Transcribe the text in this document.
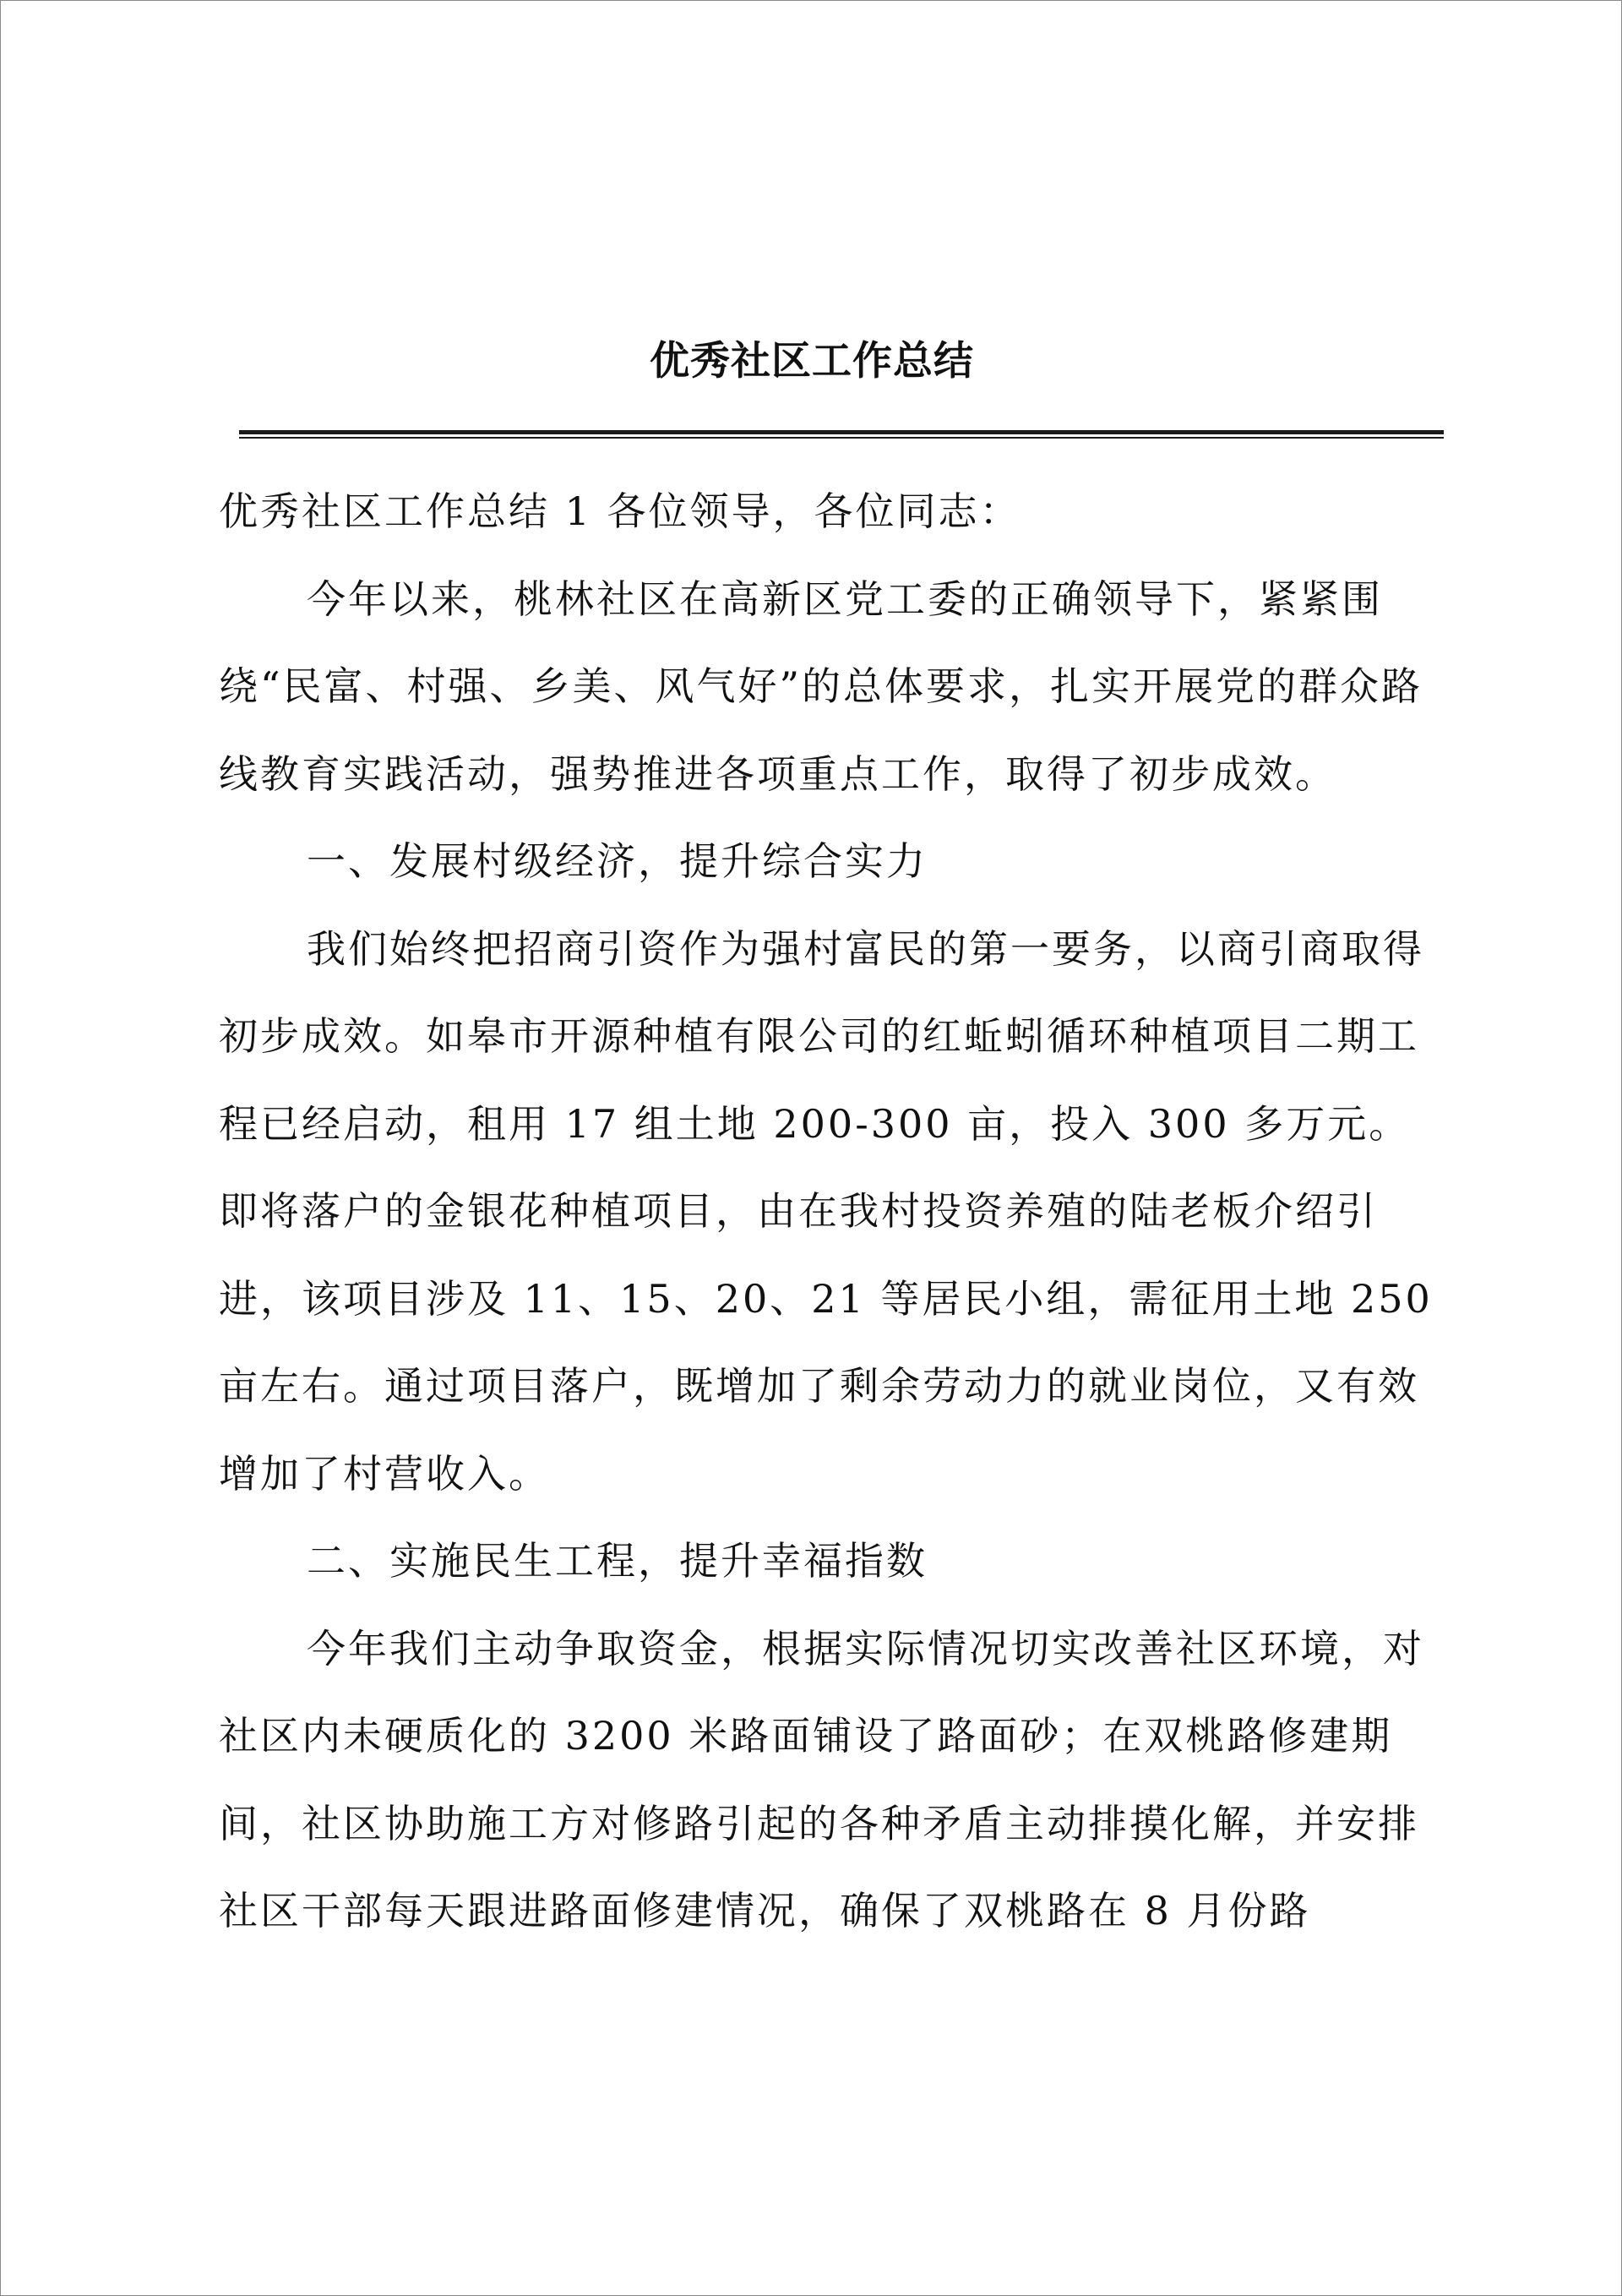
优秀社区工作总结

优秀社区工作总结 1 各位领导，各位同志：

今年以来，桃林社区在高新区党工委的正确领导下，紧紧围绕“民富、村强、乡美、风气好”的总体要求，扎实开展党的群众路线教育实践活动，强势推进各项重点工作，取得了初步成效。

一、发展村级经济，提升综合实力

我们始终把招商引资作为强村富民的第一要务，以商引商取得初步成效。如皋市开源种植有限公司的红蚯蚓循环种植项目二期工程已经启动，租用 17 组土地 200-300 亩，投入 300 多万元。即将落户的金银花种植项目，由在我村投资养殖的陆老板介绍引进，该项目涉及 11、15、20、21 等居民小组，需征用土地 250 亩左右。通过项目落户，既增加了剩余劳动力的就业岗位，又有效增加了村营收入。

二、实施民生工程，提升幸福指数

今年我们主动争取资金，根据实际情况切实改善社区环境，对社区内未硬质化的 3200 米路面铺设了路面砂；在双桃路修建期间，社区协助施工方对修路引起的各种矛盾主动排摸化解，并安排社区干部每天跟进路面修建情况，确保了双桃路在 8 月份路
